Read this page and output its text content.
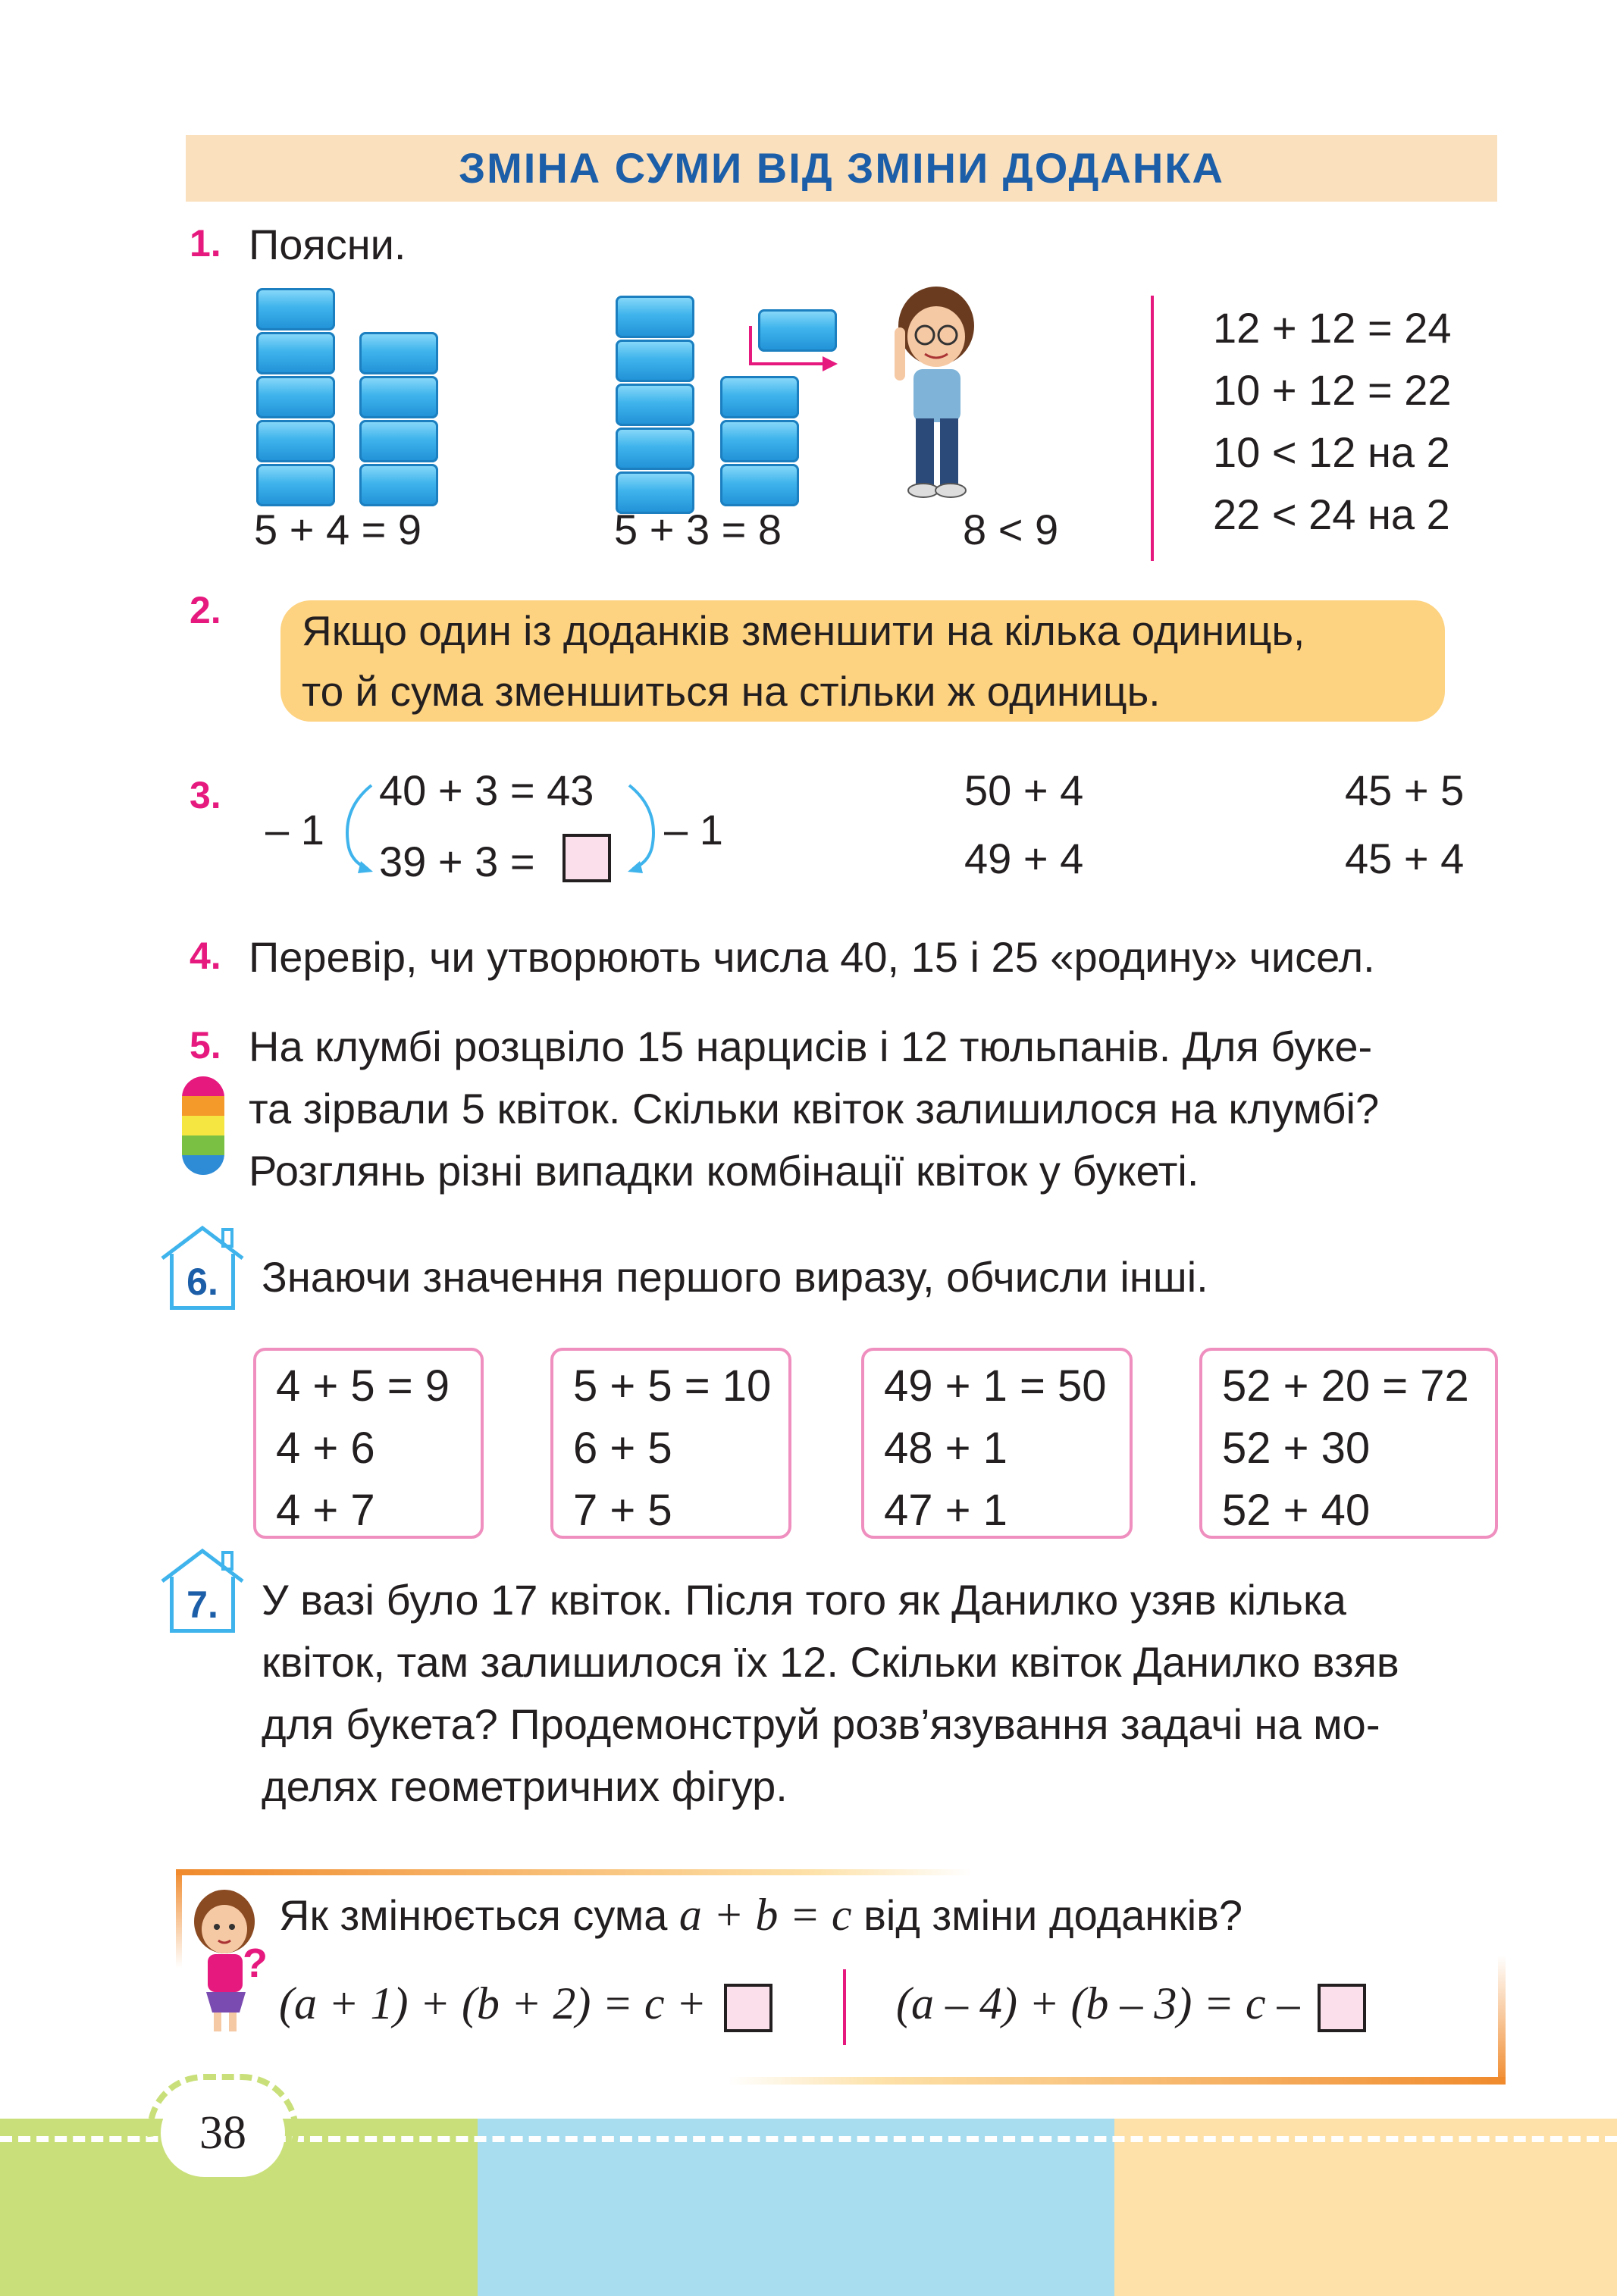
ЗМІНА СУМИ ВІД ЗМІНИ ДОДАНКА
1. Поясни.
5 + 4 = 9	5 + 3 = 8	8 < 9
12 + 12 = 24
10 + 12 = 22
10 < 12 на 2
22 < 24 на 2
2. Якщо один із доданків зменшити на кілька одиниць,
то й сума зменшиться на стільки ж одиниць.
3.
– 1
40 + 3 = 43
39 + 3 =
– 1
50 + 4
49 + 4
45 + 5
45 + 4
4. Перевір, чи утворюють числа 40, 15 і 25 «родину» чисел.
5. На клумбі розцвіло 15 нарцисів і 12 тюльпанів. Для буке-
та зірвали 5 квіток. Скільки квіток залишилося на клумбі?
Розглянь різні випадки комбінації квіток у букеті.
6.	Знаючи значення першого виразу, обчисли інші.
4 + 5 = 9
4 + 6
4 + 7
5 + 5 = 10
6 + 5
7 + 5
49 + 1 = 50
48 + 1
47 + 1
52 + 20 = 72
52 + 30
52 + 40
7.	У вазі було 17 квіток. Після того як Данилко узяв кілька
квіток, там залишилося їх 12. Скільки квіток Данилко взяв
для букета? Продемонструй розв’язування задачі на мо-
делях геометричних фігур.
?
Як змінюється сума a + b = c від зміни доданків?
(a + 1) + (b + 2) = c +	(a – 4) + (b – 3) = c –
38
